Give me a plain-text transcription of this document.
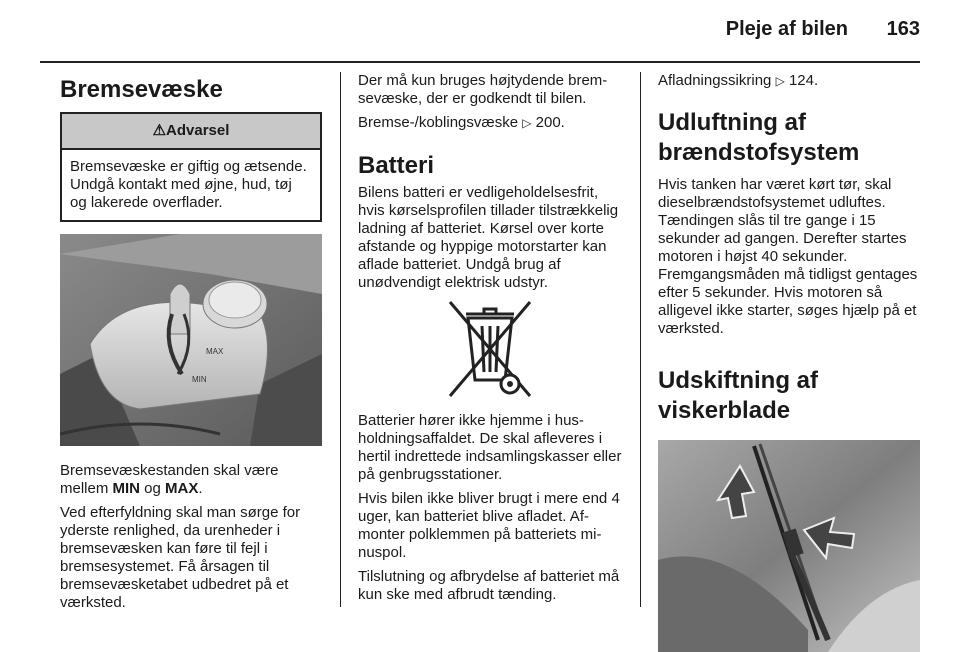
Pleje af bilen	163
Bremsevæske
⚠Advarsel
Bremsevæske er giftig og ætsende. Undgå kontakt med øjne, hud, tøj og lakerede overflader.
MAX
MIN

Bremsevæskestanden skal være mellem MIN og MAX.

Ved efterfyldning skal man sørge for yderste renlighed, da urenheder i bremsevæsken kan føre til fejl i bremsesystemet. Få årsagen til bremsevæsketabet udbedret på et værksted.

Der må kun bruges højtydende bremsevæske, der er godkendt til bilen.

Bremse-/koblingsvæske ▷ 200.

Batteri

Bilens batteri er vedligeholdelsesfrit, hvis kørselsprofilen tillader tilstrækkelig ladning af batteriet. Kørsel over korte afstande og hyppige motorstarter kan aflade batteriet. Undgå brug af unødvendigt elektrisk udstyr.

Batterier hører ikke hjemme i husholdningsaffaldet. De skal afleveres i hertil indrettede indsamlingskasser eller på genbrugsstationer.

Hvis bilen ikke bliver brugt i mere end 4 uger, kan batteriet blive afladet. Afmonter polklemmen på batteriets minuspol.

Tilslutning og afbrydelse af batteriet må kun ske med afbrudt tænding.

Afladningssikring ▷ 124.

Udluftning af brændstofsystem

Hvis tanken har været kørt tør, skal dieselbrændstofsystemet udluftes. Tændingen slås til tre gange i 15 sekunder ad gangen. Derefter startes motoren i højst 40 sekunder. Fremgangsmåden må tidligst gentages efter 5 sekunder. Hvis motoren så alligevel ikke starter, søges hjælp på et værksted.

Udskiftning af viskerblade
